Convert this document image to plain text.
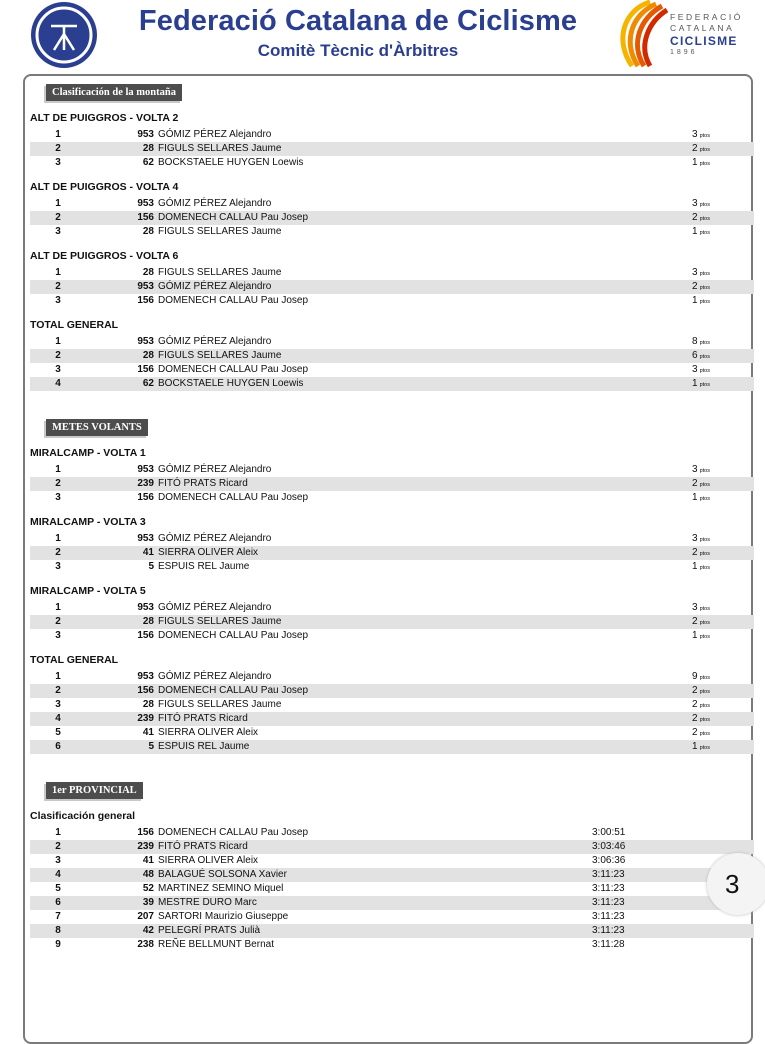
Federació Catalana de Ciclisme
Comitè Tècnic d'Àrbitres
FEDERACIÓ
CATALANA
CICLISME
1896
Clasificación de la montaña
ALT DE PUIGGROS - VOLTA 2
1	953 GÓMIZ PÉREZ Alejandro	3 ptos
2	28 FIGULS SELLARES Jaume	2 ptos
3	62 BOCKSTAELE HUYGEN Loewis	1 ptos
ALT DE PUIGGROS - VOLTA 4
1	953 GÓMIZ PÉREZ Alejandro	3 ptos
2	156 DOMENECH CALLAU Pau Josep	2 ptos
3	28 FIGULS SELLARES Jaume	1 ptos
ALT DE PUIGGROS - VOLTA 6
1	28 FIGULS SELLARES Jaume	3 ptos
2	953 GÓMIZ PÉREZ Alejandro	2 ptos
3	156 DOMENECH CALLAU Pau Josep	1 ptos
TOTAL GENERAL
1	953 GÓMIZ PÉREZ Alejandro	8 ptos
2	28 FIGULS SELLARES Jaume	6 ptos
3	156 DOMENECH CALLAU Pau Josep	3 ptos
4	62 BOCKSTAELE HUYGEN Loewis	1 ptos
METES VOLANTS
MIRALCAMP - VOLTA 1
1	953 GÓMIZ PÉREZ Alejandro	3 ptos
2	239 FITÓ PRATS Ricard	2 ptos
3	156 DOMENECH CALLAU Pau Josep	1 ptos
MIRALCAMP - VOLTA 3
1	953 GÓMIZ PÉREZ Alejandro	3 ptos
2	41 SIERRA OLIVER Aleix	2 ptos
3	5 ESPUIS REL Jaume	1 ptos
MIRALCAMP - VOLTA 5
1	953 GÓMIZ PÉREZ Alejandro	3 ptos
2	28 FIGULS SELLARES Jaume	2 ptos
3	156 DOMENECH CALLAU Pau Josep	1 ptos
TOTAL GENERAL
1	953 GÓMIZ PÉREZ Alejandro	9 ptos
2	156 DOMENECH CALLAU Pau Josep	2 ptos
3	28 FIGULS SELLARES Jaume	2 ptos
4	239 FITÓ PRATS Ricard	2 ptos
5	41 SIERRA OLIVER Aleix	2 ptos
6	5 ESPUIS REL Jaume	1 ptos
1er PROVINCIAL
Clasificación general
1	156 DOMENECH CALLAU Pau Josep	3:00:51
2	239 FITÓ PRATS Ricard	3:03:46
3	41 SIERRA OLIVER Aleix	3:06:36
4	48 BALAGUÉ SOLSONA Xavier	3:11:23
5	52 MARTINEZ SEMINO Miquel	3:11:23
6	39 MESTRE DURO Marc	3:11:23
7	207 SARTORI Maurizio Giuseppe	3:11:23
8	42 PELEGRÍ PRATS Julià	3:11:23
9	238 REÑE BELLMUNT Bernat	3:11:28
3
